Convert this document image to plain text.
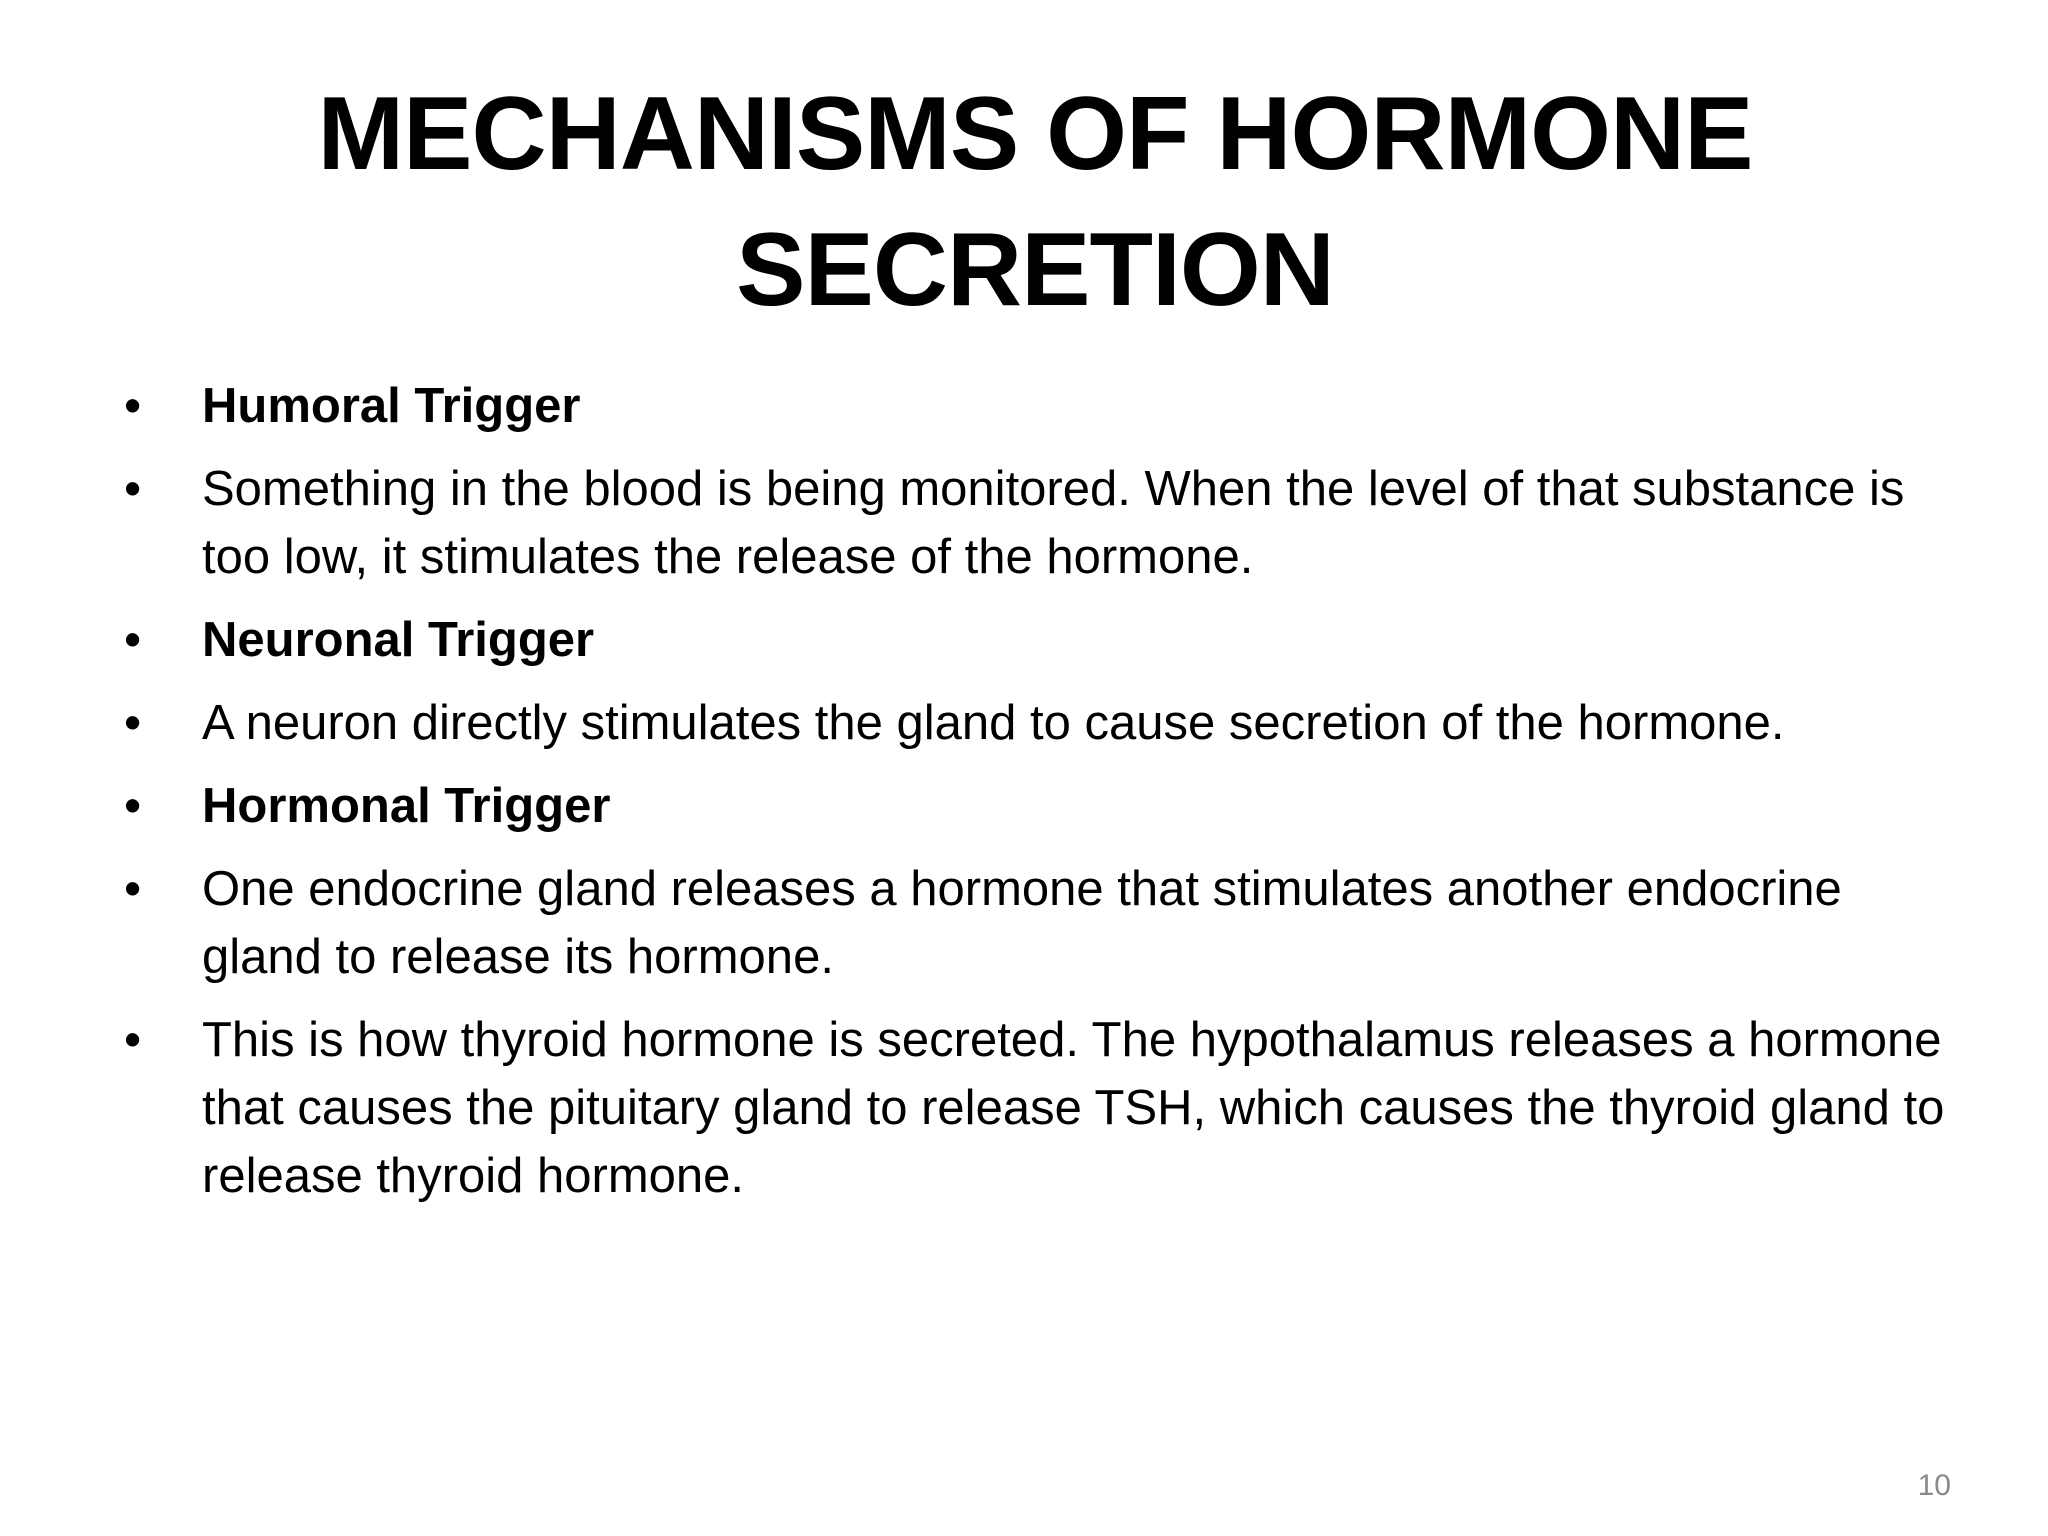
MECHANISMS OF HORMONE
SECRETION
• Humoral Trigger
• Something in the blood is being monitored. When the level of that substance is too low, it stimulates the release of the hormone.
• Neuronal Trigger
• A neuron directly stimulates the gland to cause secretion of the hormone.
• Hormonal Trigger
• One endocrine gland releases a hormone that stimulates another endocrine gland to release its hormone.
• This is how thyroid hormone is secreted. The hypothalamus releases a hormone that causes the pituitary gland to release TSH, which causes the thyroid gland to release thyroid hormone.
10
